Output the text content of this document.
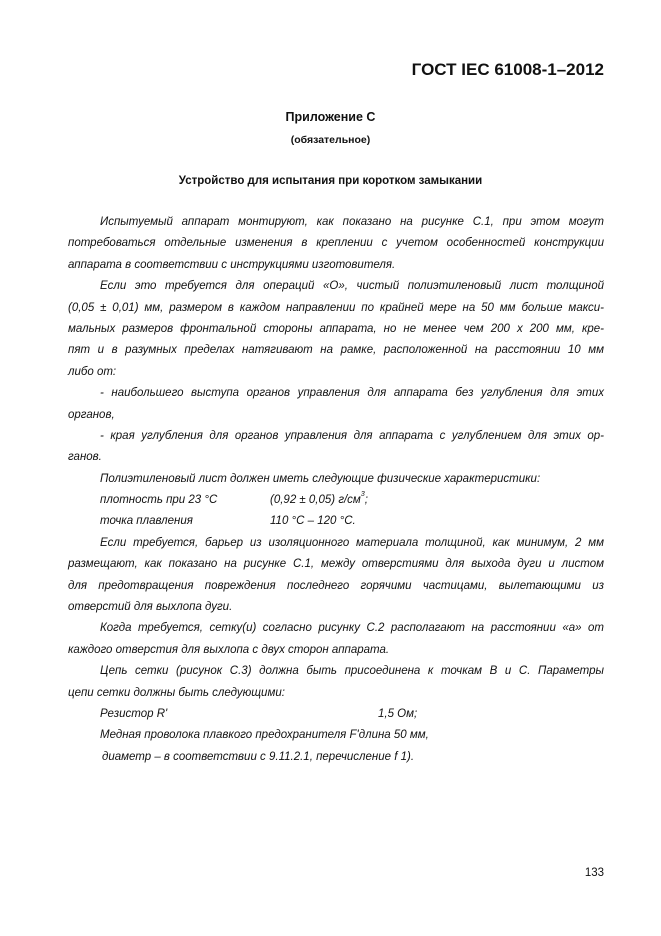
ГОСТ IEC 61008-1–2012
Приложение С
(обязательное)
Устройство для испытания при коротком замыкании
Испытуемый аппарат монтируют, как показано на рисунке С.1, при этом могут
потребоваться отдельные изменения в креплении с учетом особенностей конструкции
аппарата в соответствии с инструкциями изготовителя.
Если это требуется для операций «О», чистый полиэтиленовый лист толщиной
(0,05 ± 0,01) мм, размером в каждом направлении по крайней мере на 50 мм больше макси-
мальных размеров фронтальной стороны аппарата, но не менее чем 200 х 200 мм, кре-
пят и в разумных пределах натягивают на рамке, расположенной на расстоянии 10 мм
либо от:
- наибольшего выступа органов управления для аппарата без углубления для этих
органов,
- края углубления для органов управления для аппарата с углублением для этих ор-
ганов.
Полиэтиленовый лист должен иметь следующие физические характеристики:
плотность при 23 °С	(0,92 ± 0,05) $г/см^3$;
точка плавления	110 °С – 120 °С.
Если требуется, барьер из изоляционного материала толщиной, как минимум, 2 мм
размещают, как показано на рисунке С.1, между отверстиями для выхода дуги и листом
для предотвращения повреждения последнего горячими частицами, вылетающими из
отверстий для выхлопа дуги.
Когда требуется, сетку(и) согласно рисунку С.2 располагают на расстоянии «а» от
каждого отверстия для выхлопа с двух сторон аппарата.
Цепь сетки (рисунок С.3) должна быть присоединена к точкам В и С. Параметры
цепи сетки должны быть следующими:
Резистор R'	1,5 Ом;
Медная проволока плавкого предохранителя F'длина 50 мм,
диаметр – в соответствии с 9.11.2.1, перечисление f 1).
133
